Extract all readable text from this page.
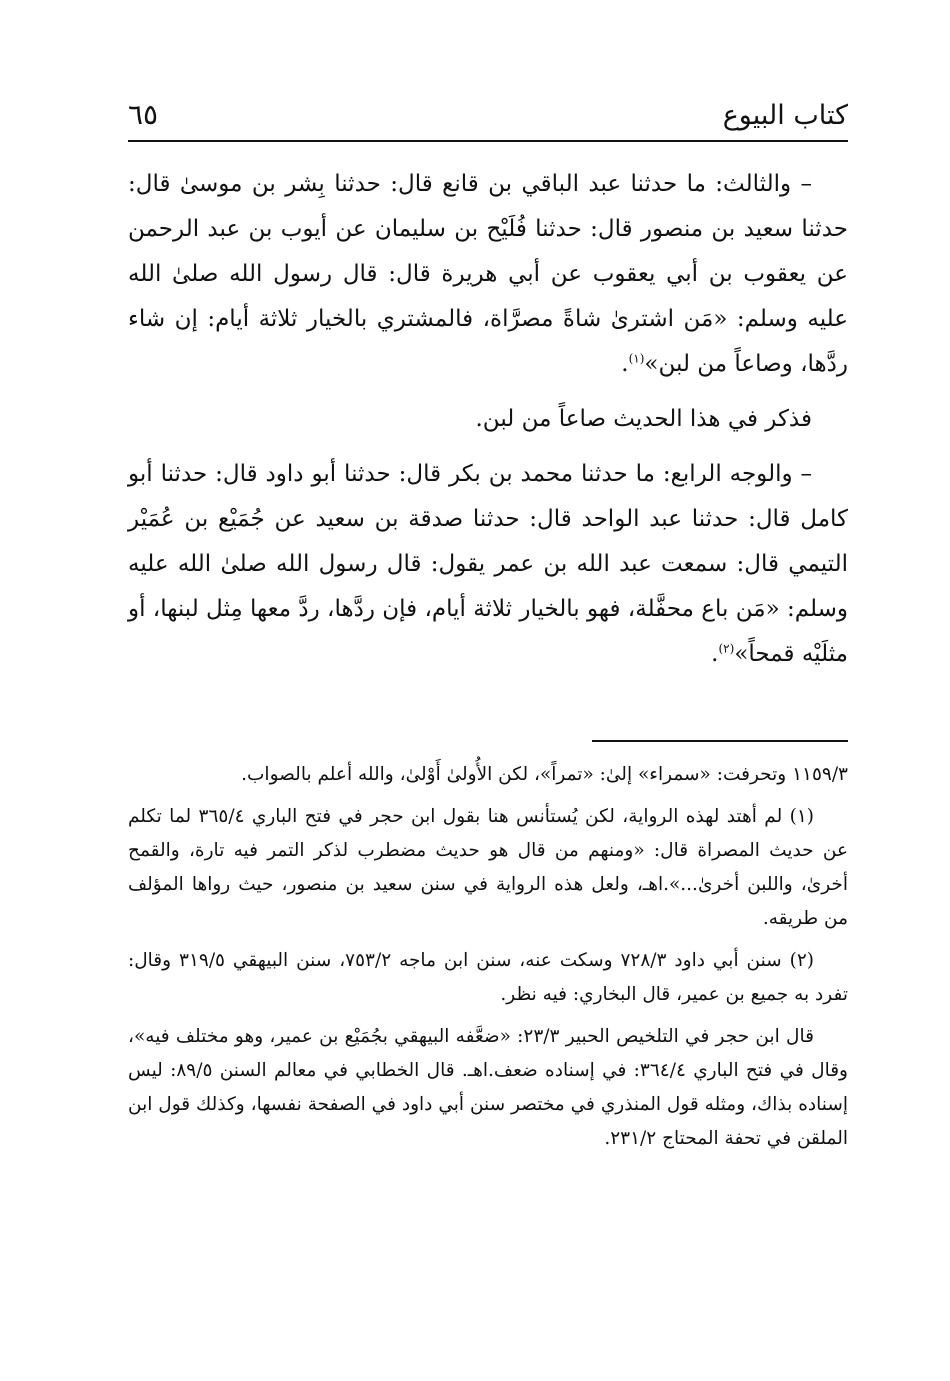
كتاب البيوع
٦٥

– والثالث: ما حدثنا عبد الباقي بن قانع قال: حدثنا بِشر بن موسىٰ قال: حدثنا سعيد بن منصور قال: حدثنا فُلَيْح بن سليمان عن أيوب بن عبد الرحمن عن يعقوب بن أبي يعقوب عن أبي هريرة قال: قال رسول الله صلىٰ الله عليه وسلم: «مَن اشترىٰ شاةً مصرَّاة، فالمشتري بالخيار ثلاثة أيام: إن شاء ردَّها، وصاعاً من لبن»$^{(١)}$.

فذكر في هذا الحديث صاعاً من لبن.

– والوجه الرابع: ما حدثنا محمد بن بكر قال: حدثنا أبو داود قال: حدثنا أبو كامل قال: حدثنا عبد الواحد قال: حدثنا صدقة بن سعيد عن جُمَيْع بن عُمَيْر التيمي قال: سمعت عبد الله بن عمر يقول: قال رسول الله صلىٰ الله عليه وسلم: «مَن باع محفَّلة، فهو بالخيار ثلاثة أيام، فإن ردَّها، ردَّ معها مِثل لبنها، أو مثلَيْه قمحاً»$^{(٢)}$.

١١٥٩/٣ وتحرفت: «سمراء» إلىٰ: «تمراً»، لكن الأُولىٰ أَوْلىٰ، والله أعلم بالصواب.

(١) لم أهتد لهذه الرواية، لكن يُستأنس هنا بقول ابن حجر في فتح الباري ٣٦٥/٤ لما تكلم عن حديث المصراة قال: «ومنهم من قال هو حديث مضطرب لذكر التمر فيه تارة، والقمح أخرىٰ، واللبن أخرىٰ...».اهـ، ولعل هذه الرواية في سنن سعيد بن منصور، حيث رواها المؤلف من طريقه.

(٢) سنن أبي داود ٧٢٨/٣ وسكت عنه، سنن ابن ماجه ٧٥٣/٢، سنن البيهقي ٣١٩/٥ وقال: تفرد به جميع بن عمير، قال البخاري: فيه نظر.

قال ابن حجر في التلخيص الحبير ٢٣/٣: «ضعَّفه البيهقي بجُمَيْع بن عمير، وهو مختلف فيه»، وقال في فتح الباري ٣٦٤/٤: في إسناده ضعف.اهـ. قال الخطابي في معالم السنن ٨٩/٥: ليس إسناده بذاك، ومثله قول المنذري في مختصر سنن أبي داود في الصفحة نفسها، وكذلك قول ابن الملقن في تحفة المحتاج ٢٣١/٢.
